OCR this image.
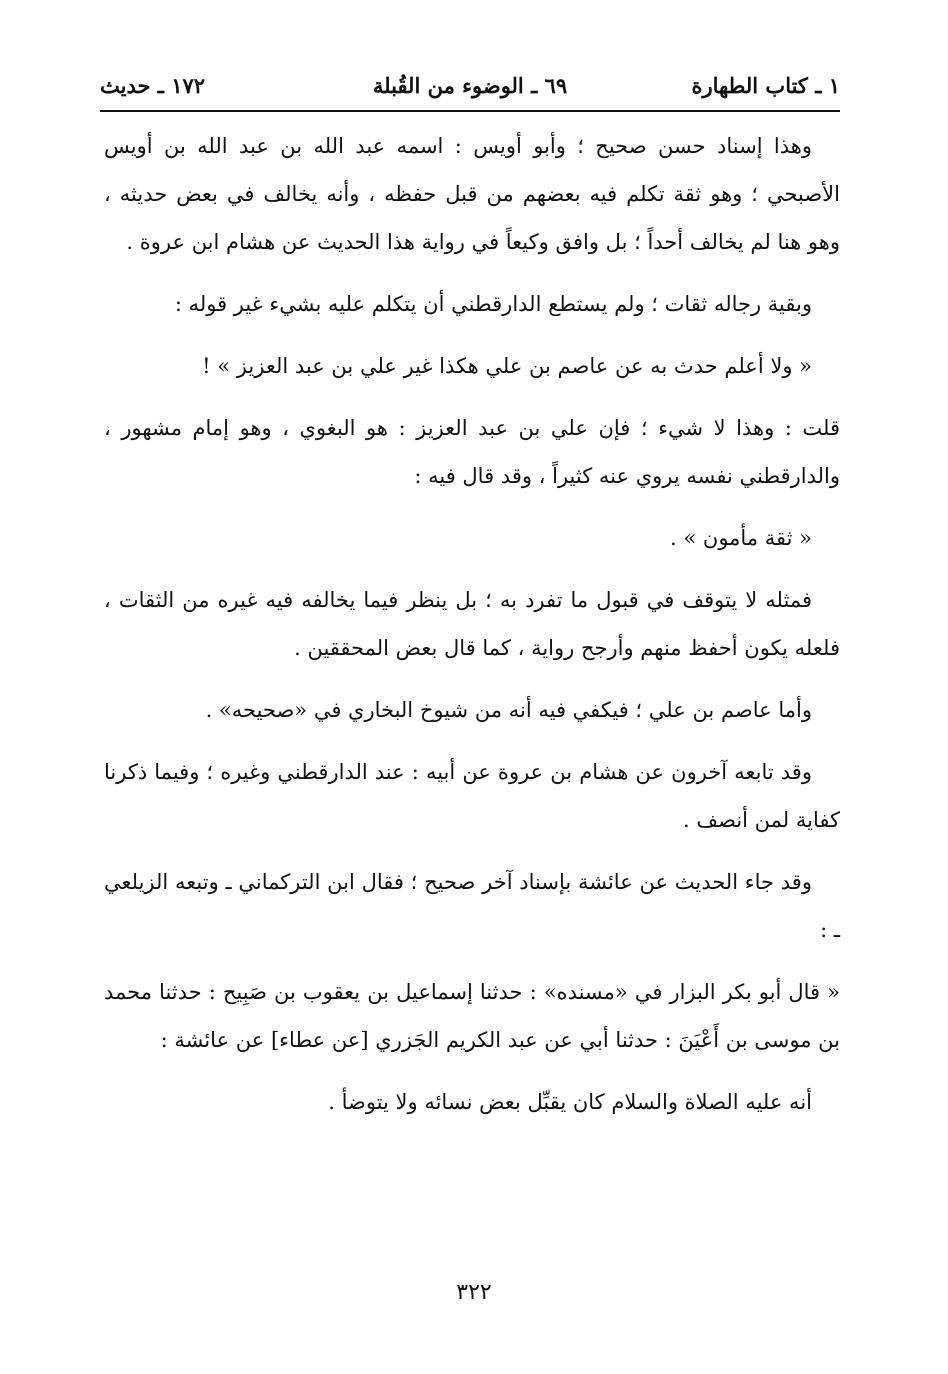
١ ـ كتاب الطهارة
٦٩ ـ الوضوء من القُبلة
١٧٢ ـ حديث

وهذا إسناد حسن صحيح ؛ وأبو أويس : اسمه عبد الله بن عبد الله بن أويس الأصبحي ؛ وهو ثقة تكلم فيه بعضهم من قبل حفظه ، وأنه يخالف في بعض حديثه ، وهو هنا لم يخالف أحداً ؛ بل وافق وكيعاً في رواية هذا الحديث عن هشام ابن عروة .

وبقية رجاله ثقات ؛ ولم يستطع الدارقطني أن يتكلم عليه بشيء غير قوله :

« ولا أعلم حدث به عن عاصم بن علي هكذا غير علي بن عبد العزيز » !

قلت : وهذا لا شيء ؛ فإن علي بن عبد العزيز : هو البغوي ، وهو إمام مشهور ، والدارقطني نفسه يروي عنه كثيراً ، وقد قال فيه :

« ثقة مأمون » .

فمثله لا يتوقف في قبول ما تفرد به ؛ بل ينظر فيما يخالفه فيه غيره من الثقات ، فلعله يكون أحفظ منهم وأرجح رواية ، كما قال بعض المحققين .

وأما عاصم بن علي ؛ فيكفي فيه أنه من شيوخ البخاري في «صحيحه» .

وقد تابعه آخرون عن هشام بن عروة عن أبيه : عند الدارقطني وغيره ؛ وفيما ذكرنا كفاية لمن أنصف .

وقد جاء الحديث عن عائشة بإسناد آخر صحيح ؛ فقال ابن التركماني ـ وتبعه الزيلعي ـ :

« قال أبو بكر البزار في «مسنده» : حدثنا إسماعيل بن يعقوب بن صَبِيح : حدثنا محمد بن موسى بن أَعْيَنَ : حدثنا أبي عن عبد الكريم الجَزري [عن عطاء] عن عائشة :

أنه عليه الصلاة والسلام كان يقبِّل بعض نسائه ولا يتوضأ .

٣٢٢
